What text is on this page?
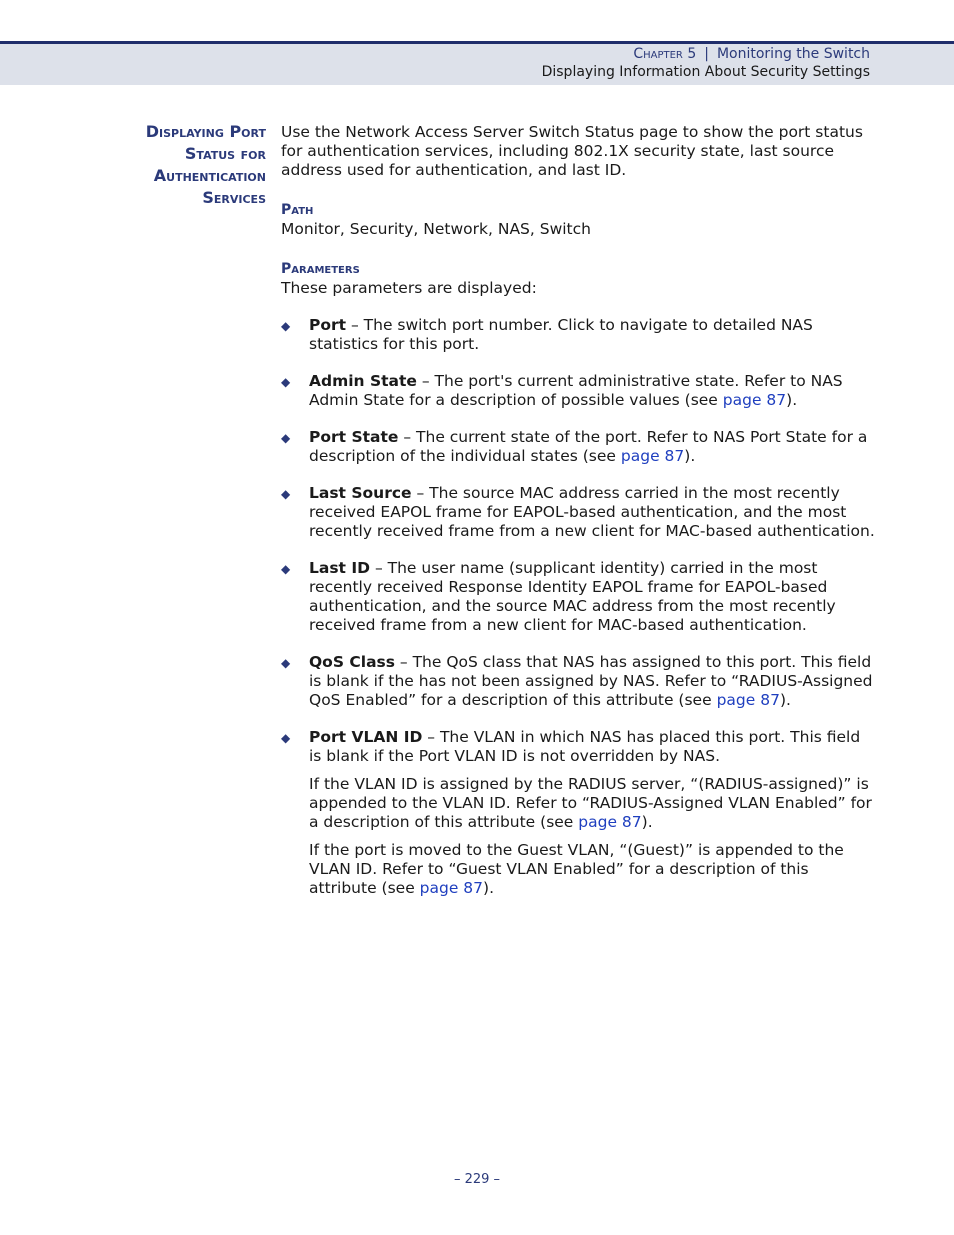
Chapter 5 | Monitoring the Switch
Displaying Information About Security Settings
Displaying Port
Status for
Authentication
Services

Use the Network Access Server Switch Status page to show the port status for authentication services, including 802.1X security state, last source address used for authentication, and last ID.

Path

Monitor, Security, Network, NAS, Switch

Parameters

These parameters are displayed:

◆ Port – The switch port number. Click to navigate to detailed NAS statistics for this port.
◆ Admin State – The port's current administrative state. Refer to NAS Admin State for a description of possible values (see page 87).
◆ Port State – The current state of the port. Refer to NAS Port State for a description of the individual states (see page 87).
◆ Last Source – The source MAC address carried in the most recently received EAPOL frame for EAPOL-based authentication, and the most recently received frame from a new client for MAC-based authentication.
◆ Last ID – The user name (supplicant identity) carried in the most recently received Response Identity EAPOL frame for EAPOL-based authentication, and the source MAC address from the most recently received frame from a new client for MAC-based authentication.
◆ QoS Class – The QoS class that NAS has assigned to this port. This field is blank if the has not been assigned by NAS. Refer to “RADIUS-Assigned QoS Enabled” for a description of this attribute (see page 87).
◆ Port VLAN ID – The VLAN in which NAS has placed this port. This field is blank if the Port VLAN ID is not overridden by NAS.

If the VLAN ID is assigned by the RADIUS server, “(RADIUS-assigned)” is appended to the VLAN ID. Refer to “RADIUS-Assigned VLAN Enabled” for a description of this attribute (see page 87).

If the port is moved to the Guest VLAN, “(Guest)” is appended to the VLAN ID. Refer to “Guest VLAN Enabled” for a description of this attribute (see page 87).

– 229 –
